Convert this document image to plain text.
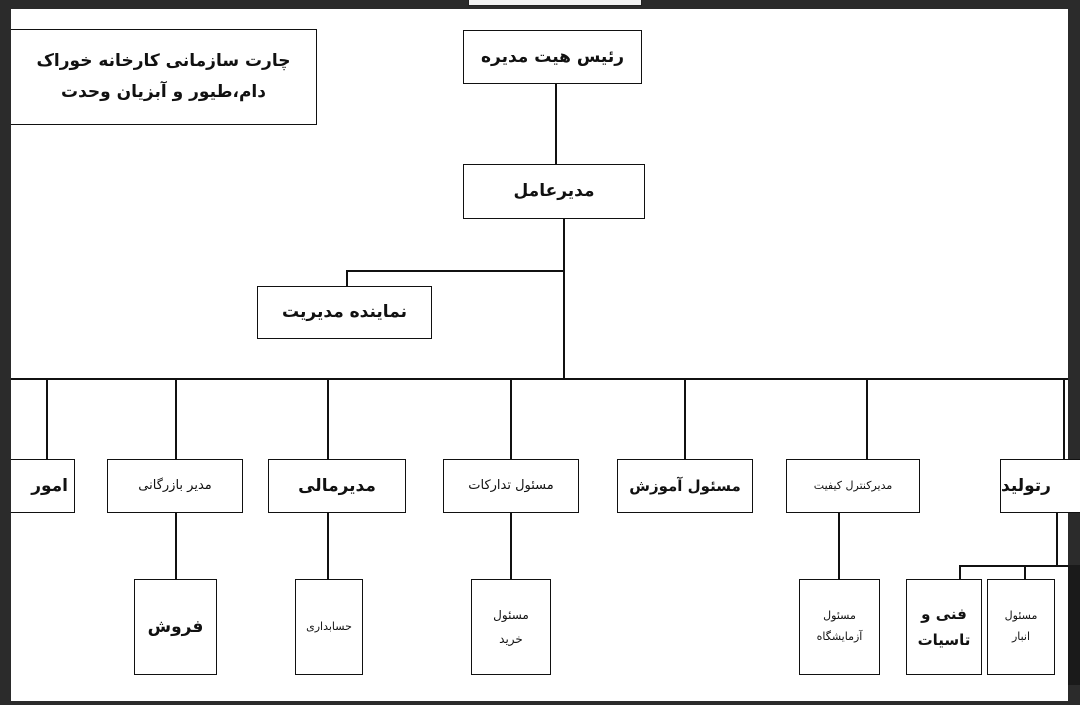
چارت سازمانی کارخانه خوراک
دام،طیور و آبزیان وحدت
رئیس هیت مدیره
مدیرعامل
نماینده مدیریت
امور	مدیر بازرگانی	مدیرمالی	مسئول تدارکات	مسئول آموزش	مدیرکنترل کیفیت	رتولید
فروش	حسابداری
مسئول
خرید
مسئول
آزمایشگاه
فنی و
تاسیات
مسئول
انبار
